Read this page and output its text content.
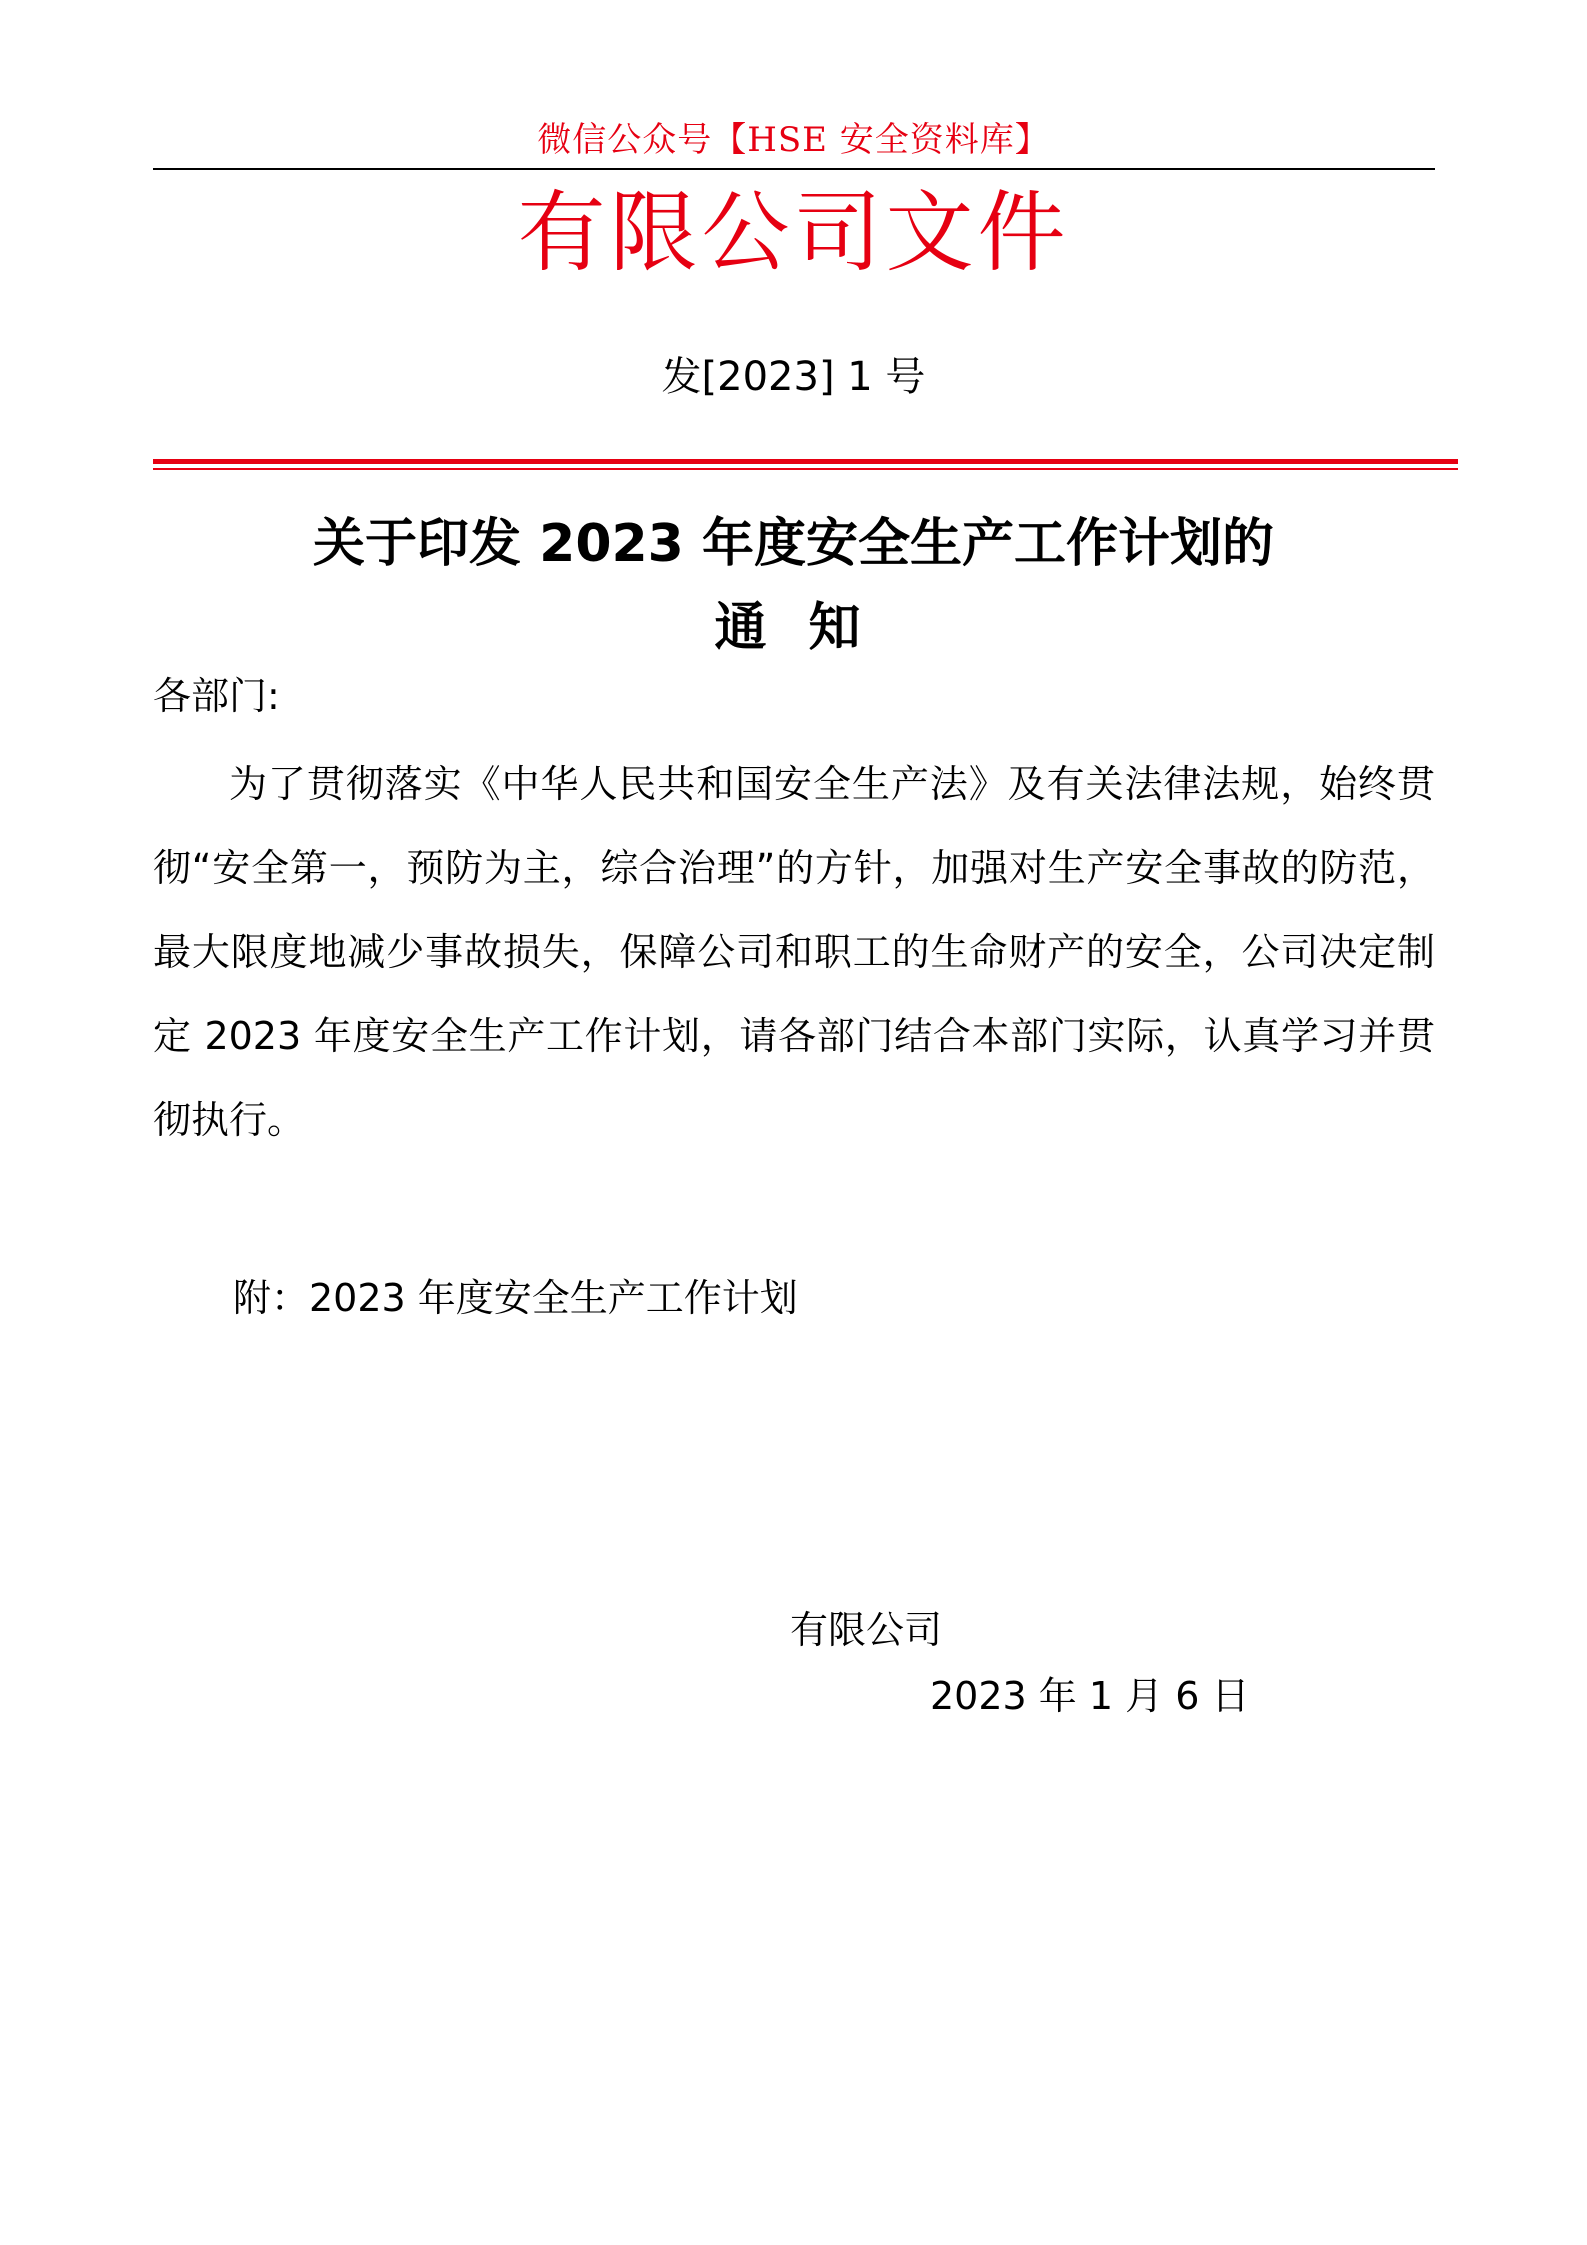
微信公众号【HSE 安全资料库】
有限公司文件
发[2023] 1 号
关于印发 2023 年度安全生产工作计划的
通 知
各部门:
为了贯彻落实《中华人民共和国安全生产法》及有关法律法规，始终贯彻“安全第一，预防为主，综合治理”的方针，加强对生产安全事故的防范，最大限度地减少事故损失，保障公司和职工的生命财产的安全，公司决定制定 2023 年度安全生产工作计划，请各部门结合本部门实际，认真学习并贯彻执行。
附：2023 年度安全生产工作计划
有限公司
2023 年 1 月 6 日
